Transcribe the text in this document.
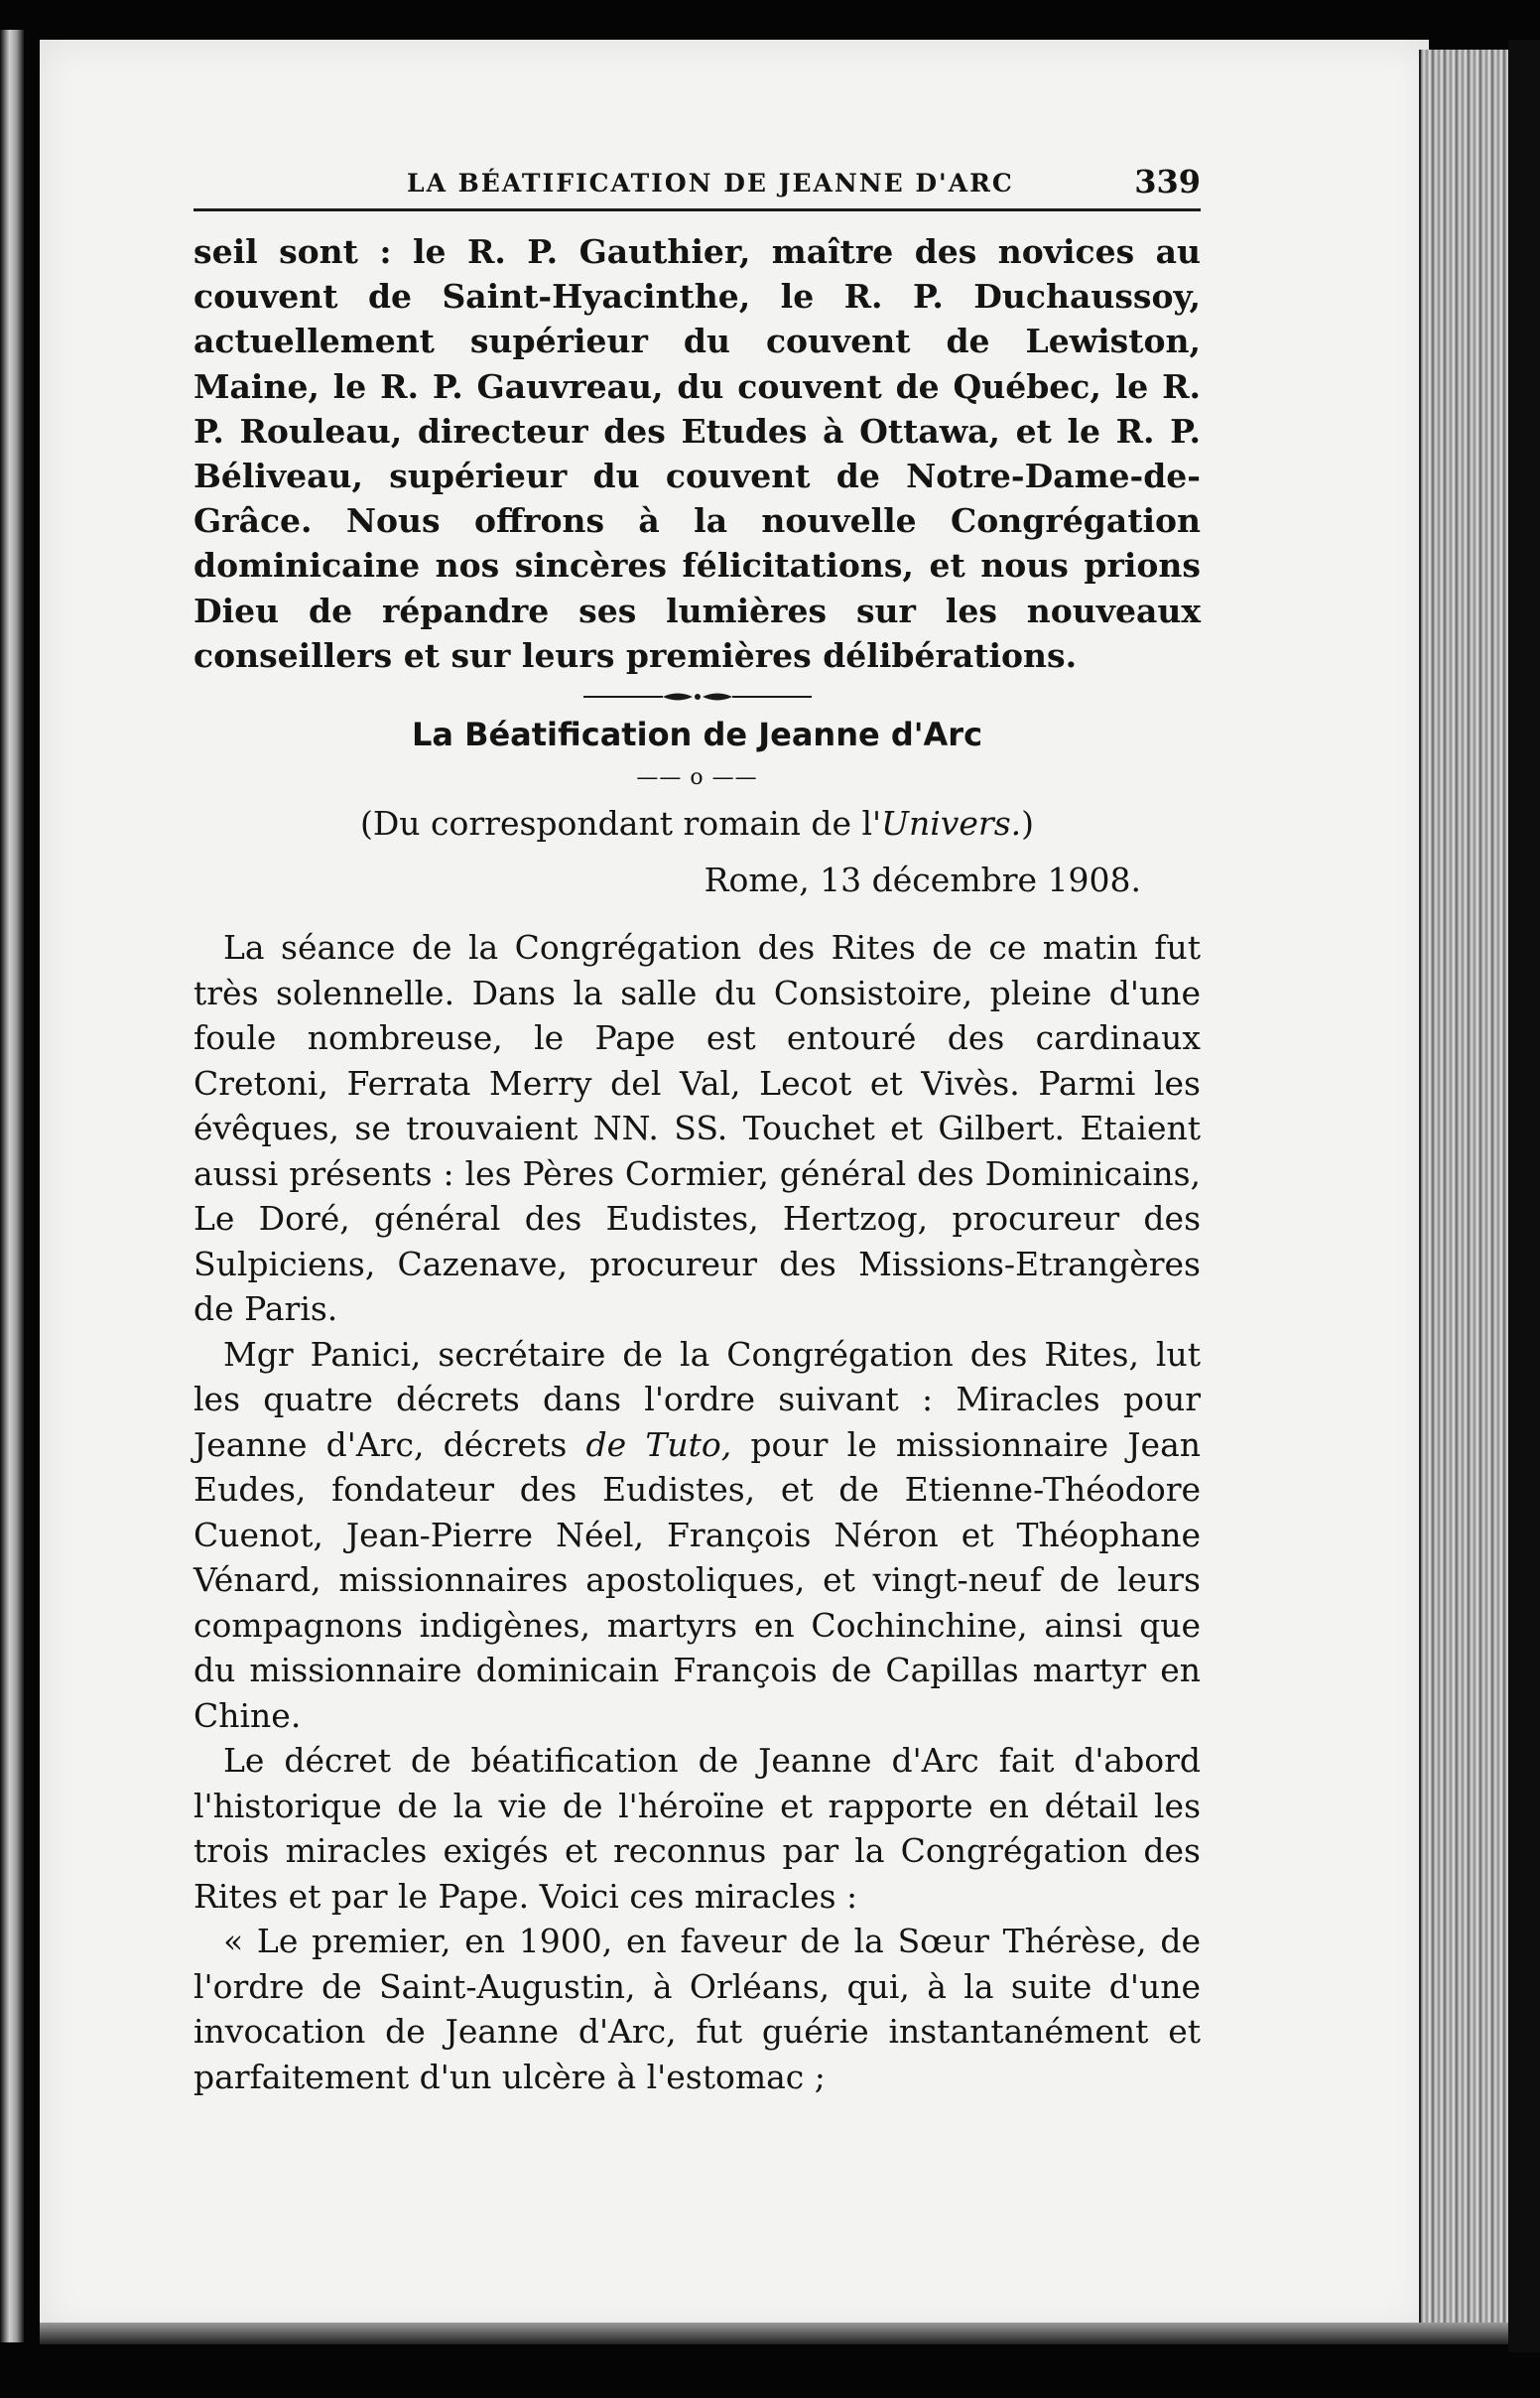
LA BÉATIFICATION DE JEANNE D'ARC	339

seil sont : le R. P. Gauthier, maître des novices au couvent de Saint-Hyacinthe, le R. P. Duchaussoy, actuellement supérieur du couvent de Lewiston, Maine, le R. P. Gauvreau, du couvent de Québec, le R. P. Rouleau, directeur des Etudes à Ottawa, et le R. P. Béliveau, supérieur du couvent de Notre-Dame-de-Grâce. Nous offrons à la nouvelle Congrégation dominicaine nos sincères félicitations, et nous prions Dieu de répandre ses lumières sur les nouveaux conseillers et sur leurs premières délibérations.

La Béatification de Jeanne d'Arc
—— o ——
(Du correspondant romain de l'Univers.)
Rome, 13 décembre 1908.

La séance de la Congrégation des Rites de ce matin fut très solennelle. Dans la salle du Consistoire, pleine d'une foule nombreuse, le Pape est entouré des cardinaux Cretoni, Ferrata Merry del Val, Lecot et Vivès. Parmi les évêques, se trouvaient NN. SS. Touchet et Gilbert. Etaient aussi présents : les Pères Cormier, général des Dominicains, Le Doré, général des Eudistes, Hertzog, procureur des Sulpiciens, Cazenave, procureur des Missions-Etrangères de Paris.

Mgr Panici, secrétaire de la Congrégation des Rites, lut les quatre décrets dans l'ordre suivant : Miracles pour Jeanne d'Arc, décrets de Tuto, pour le missionnaire Jean Eudes, fondateur des Eudistes, et de Etienne-Théodore Cuenot, Jean-Pierre Néel, François Néron et Théophane Vénard, missionnaires apostoliques, et vingt-neuf de leurs compagnons indigènes, martyrs en Cochinchine, ainsi que du missionnaire dominicain François de Capillas martyr en Chine.

Le décret de béatification de Jeanne d'Arc fait d'abord l'historique de la vie de l'héroïne et rapporte en détail les trois miracles exigés et reconnus par la Congrégation des Rites et par le Pape. Voici ces miracles :

« Le premier, en 1900, en faveur de la Sœur Thérèse, de l'ordre de Saint-Augustin, à Orléans, qui, à la suite d'une invocation de Jeanne d'Arc, fut guérie instantanément et parfaitement d'un ulcère à l'estomac ;
